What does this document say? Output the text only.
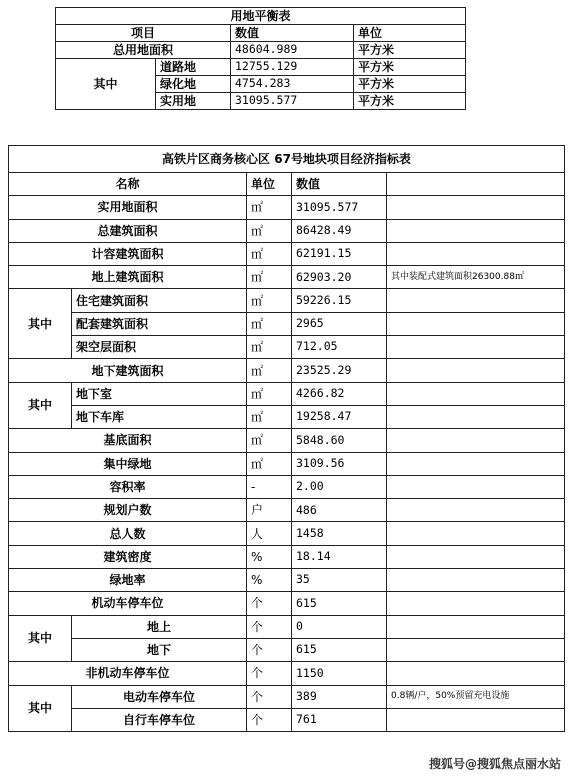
用地平衡表			
项目		数值	单位
总用地面积		48604.989	平方米
其中	道路地	12755.129	平方米
	绿化地	4754.283	平方米
	实用地	31095.577	平方米
高铁片区商务核心区 67号地块项目经济指标表				
名称		单位	数值	
实用地面积		㎡	31095.577	
总建筑面积		㎡	86428.49	
计容建筑面积		㎡	62191.15	
地上建筑面积		㎡	62903.20	其中装配式建筑面积26300.88㎡
其中	住宅建筑面积	㎡	59226.15	
	配套建筑面积	㎡	2965	
	架空层面积	㎡	712.05	
地下建筑面积		㎡	23525.29	
其中	地下室	㎡	4266.82	
	地下车库	㎡	19258.47	
基底面积		㎡	5848.60	
集中绿地		㎡	3109.56	
容积率		-	2.00	
规划户数		户	486	
总人数		人	1458	
建筑密度		%	18.14	
绿地率		%	35	
机动车停车位		个	615	
其中	地上	个	0	
	地下	个	615	
非机动车停车位		个	1150	
其中	电动车停车位	个	389	0.8辆/户，50%预留充电设施
	自行车停车位	个	761	
搜狐号@搜狐焦点丽水站
